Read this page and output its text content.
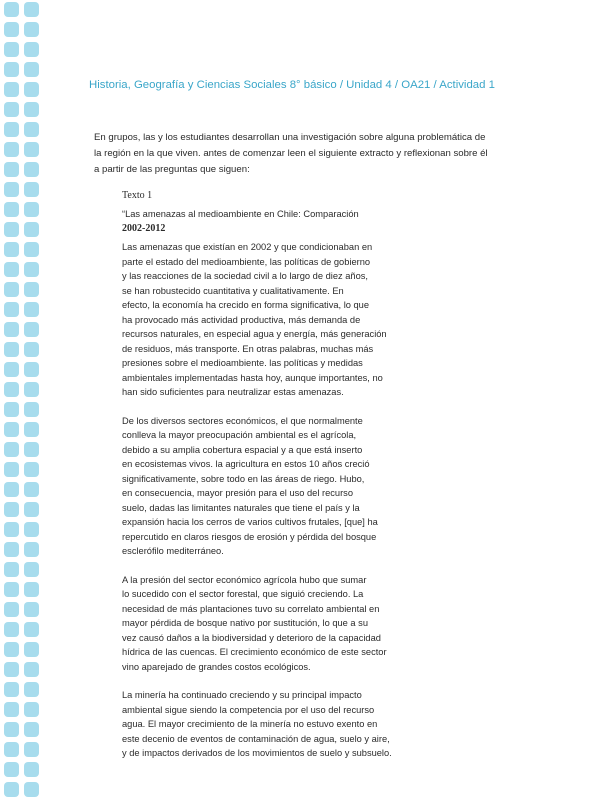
Historia, Geografía y Ciencias Sociales 8° básico / Unidad 4 / OA21 / Actividad 1
En grupos, las y los estudiantes desarrollan una investigación sobre alguna problemática de
la región en la que viven. antes de comenzar leen el siguiente extracto y reflexionan sobre él
a partir de las preguntas que siguen:

Texto 1

“Las amenazas al medioambiente en Chile: Comparación

2002-2012

Las amenazas que existían en 2002 y que condicionaban en
parte el estado del medioambiente, las políticas de gobierno
y las reacciones de la sociedad civil a lo largo de diez años,
se han robustecido cuantitativa y cualitativamente. En
efecto, la economía ha crecido en forma significativa, lo que
ha provocado más actividad productiva, más demanda de
recursos naturales, en especial agua y energía, más generación
de residuos, más transporte. En otras palabras, muchas más
presiones sobre el medioambiente. las políticas y medidas
ambientales implementadas hasta hoy, aunque importantes, no
han sido suficientes para neutralizar estas amenazas.
De los diversos sectores económicos, el que normalmente
conlleva la mayor preocupación ambiental es el agrícola,
debido a su amplia cobertura espacial y a que está inserto
en ecosistemas vivos. la agricultura en estos 10 años creció
significativamente, sobre todo en las áreas de riego. Hubo,
en consecuencia, mayor presión para el uso del recurso
suelo, dadas las limitantes naturales que tiene el país y la
expansión hacia los cerros de varios cultivos frutales, [que] ha
repercutido en claros riesgos de erosión y pérdida del bosque
esclerófilo mediterráneo.
A la presión del sector económico agrícola hubo que sumar
lo sucedido con el sector forestal, que siguió creciendo. La
necesidad de más plantaciones tuvo su correlato ambiental en
mayor pérdida de bosque nativo por sustitución, lo que a su
vez causó daños a la biodiversidad y deterioro de la capacidad
hídrica de las cuencas. El crecimiento económico de este sector
vino aparejado de grandes costos ecológicos.
La minería ha continuado creciendo y su principal impacto
ambiental sigue siendo la competencia por el uso del recurso
agua. El mayor crecimiento de la minería no estuvo exento en
este decenio de eventos de contaminación de agua, suelo y aire,
y de impactos derivados de los movimientos de suelo y subsuelo.
